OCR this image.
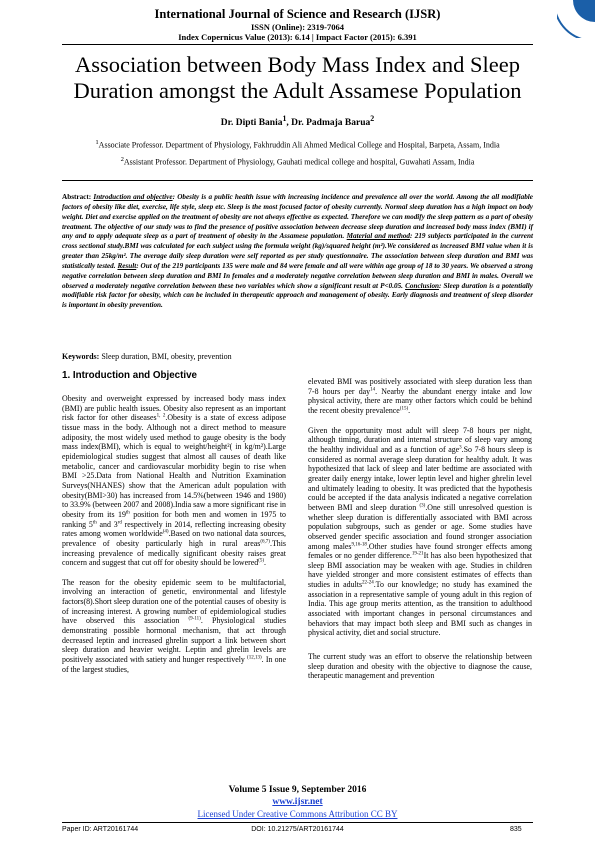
International Journal of Science and Research (IJSR)
ISSN (Online): 2319-7064
Index Copernicus Value (2013): 6.14 | Impact Factor (2015): 6.391
Association between Body Mass Index and Sleep Duration amongst the Adult Assamese Population
Dr. Dipti Bania$^1$, Dr. Padmaja Barua$^2$
$^1$Associate Professor. Department of Physiology, Fakhruddin Ali Ahmed Medical College and Hospital, Barpeta, Assam, India
$^2$Assistant Professor. Department of Physiology, Gauhati medical college and hospital, Guwahati Assam, India
Abstract: Introduction and objective: Obesity is a public health issue with increasing incidence and prevalence all over the world. Among the all modifiable factors of obesity like diet, exercise, life style, sleep etc. Sleep is the most focused factor of obesity currently. Normal sleep duration has a high impact on body weight. Diet and exercise applied on the treatment of obesity are not always effective as expected. Therefore we can modify the sleep pattern as a part of obesity treatment. The objective of our study was to find the presence of positive association between decrease sleep duration and increased body mass index (BMI) if any and to apply adequate sleep as a part of treatment of obesity in the Assamese population. Material and method: 219 subjects participated in the current cross sectional study.BMI was calculated for each subject using the formula weight (kg)/squared height (m²).We considered as increased BMI value when it is greater than 25kg/m². The average daily sleep duration were self reported as per study questionnaire. The association between sleep duration and BMI was statistically tested. Result: Out of the 219 participants 135 were male and 84 were female and all were within age group of 18 to 30 years. We observed a strong negative correlation between sleep duration and BMI In females and a moderately negative correlation between sleep duration and BMI in males. Overall we observed a moderately negative correlation between these two variables which show a significant result at P<0.05. Conclusion: Sleep duration is a potentially modifiable risk factor for obesity, which can be included in therapeutic approach and management of obesity. Early diagnosis and treatment of sleep disorder is important in obesity prevention.
Keywords: Sleep duration, BMI, obesity, prevention
1. Introduction and Objective

Obesity and overweight expressed by increased body mass index (BMI) are public health issues. Obesity also represent as an important risk factor for other diseases$^{1, 2}$.Obesity is a state of excess adipose tissue mass in the body. Although not a direct method to measure adiposity, the most widely used method to gauge obesity is the body mass index(BMI), which is equal to weight/height²( in kg/m²).Large epidemiological studies suggest that almost all causes of death like metabolic, cancer and cardiovascular morbidity begin to rise when BMI >25.Data from National Health and Nutrition Examination Surveys(NHANES) show that the American adult population with obesity(BMI>30) has increased from 14.5%(between 1946 and 1980) to 33.9% (between 2007 and 2008).India saw a more significant rise in obesity from its 19th position for both men and women in 1975 to ranking 5th and 3rd respectively in 2014, reflecting increasing obesity rates among women worldwide$^{(4)}$.Based on two national data sources, prevalence of obesity particularly high in rural areas$^{(6,7)}$.This increasing prevalence of medically significant obesity raises great concern and suggest that cut off for obesity should be lowered$^{(5)}$.

The reason for the obesity epidemic seem to be multifactorial, involving an interaction of genetic, environmental and lifestyle factors(8).Short sleep duration one of the potential causes of obesity is of increasing interest. A growing number of epidemiological studies have observed this association $^{(9-11)}$. Physiological studies demonstrating possible hormonal mechanism, that act through decreased leptin and increased ghrelin support a link between short sleep duration and heavier weight. Leptin and ghrelin levels are positively associated with satiety and hunger respectively $^{(12,13)}$. In one of the largest studies,

elevated BMI was positively associated with sleep duration less than 7-8 hours per day$^{14}$. Nearby the abundant energy intake and low physical activity, there are many other factors which could be behind the recent obesity prevalence$^{(15)}$.

Given the opportunity most adult will sleep 7-8 hours per night, although timing, duration and internal structure of sleep vary among the healthy individual and as a function of age$^3$.So 7-8 hours sleep is considered as normal average sleep duration for healthy adult. It was hypothesized that lack of sleep and later bedtime are associated with greater daily energy intake, lower leptin level and higher ghrelin level and ultimately leading to obesity. It was predicted that the hypothesis could be accepted if the data analysis indicated a negative correlation between BMI and sleep duration $^{(3)}$.One still unresolved question is whether sleep duration is differentially associated with BMI across population subgroups, such as gender or age. Some studies have observed gender specific association and found stronger association among males$^{9,16-18}$.Other studies have found stronger effects among females or no gender difference.$^{19-21}$It has also been hypothesized that sleep BMI association may be weaken with age. Studies in children have yielded stronger and more consistent estimates of effects than studies in adults$^{22-24}$.To our knowledge; no study has examined the association in a representative sample of young adult in this region of India. This age group merits attention, as the transition to adulthood associated with important changes in personal circumstances and behaviors that may impact both sleep and BMI such as changes in physical activity, diet and social structure.

The current study was an effort to observe the relationship between sleep duration and obesity with the objective to diagnose the cause, therapeutic management and prevention

Volume 5 Issue 9, September 2016
www.ijsr.net
Licensed Under Creative Commons Attribution CC BY
Paper ID: ART20161744	DOI: 10.21275/ART20161744	835
